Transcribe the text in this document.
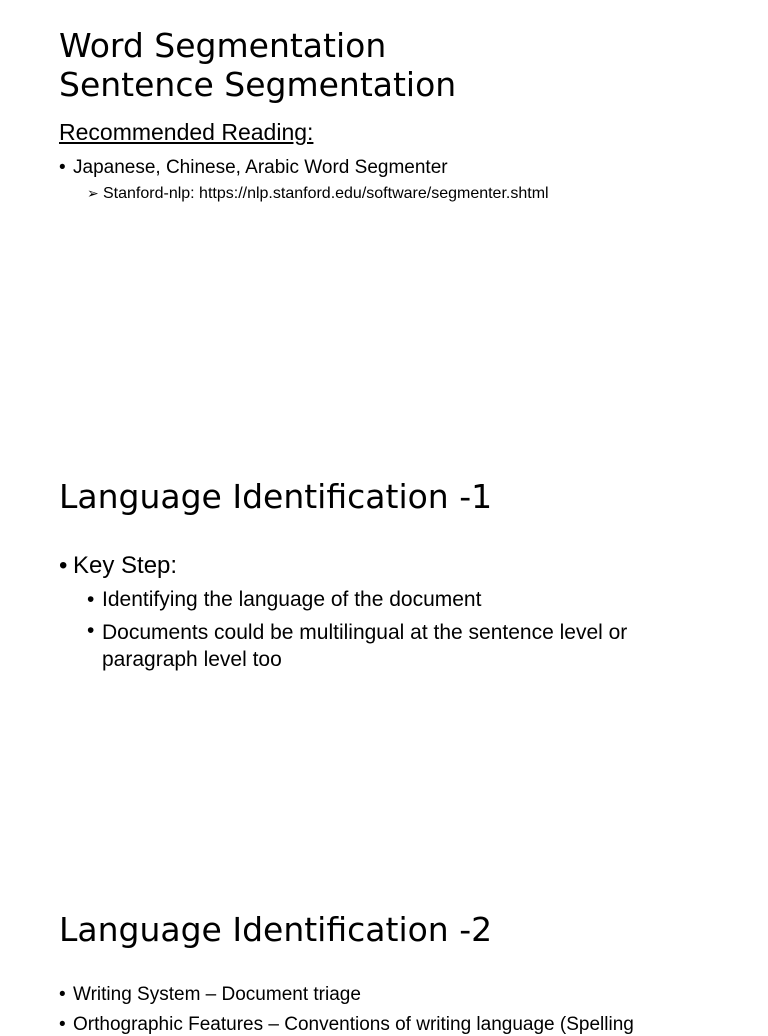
Word Segmentation
Sentence Segmentation
Recommended Reading:
• Japanese, Chinese, Arabic Word Segmenter
➢ Stanford-nlp: https://nlp.stanford.edu/software/segmenter.shtml
Language Identification -1
• Key Step:
• Identifying the language of the document
• Documents could be multilingual at the sentence level or paragraph level too
Language Identification -2
• Writing System – Document triage
• Orthographic Features – Conventions of writing language (Spelling
